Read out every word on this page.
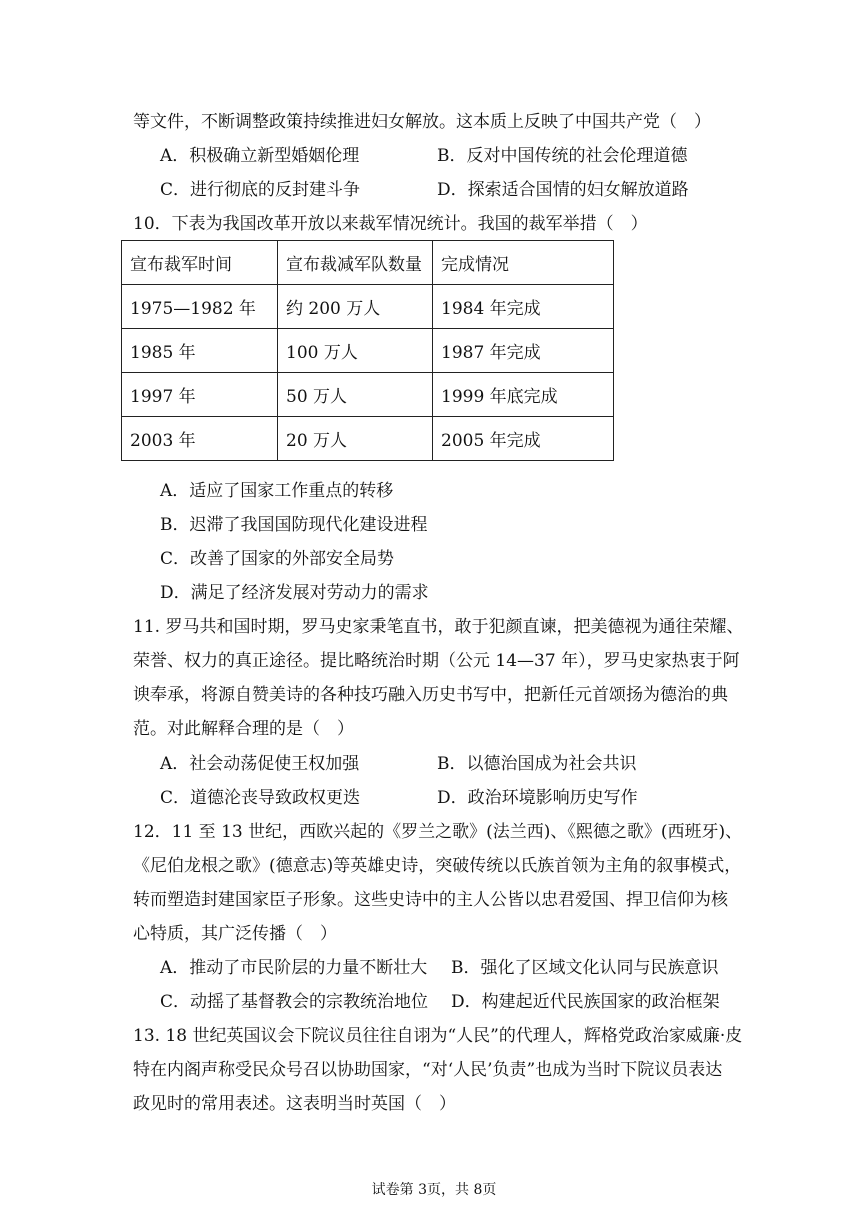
等文件，不断调整政策持续推进妇女解放。这本质上反映了中国共产党（　）
A．积极确立新型婚姻伦理	B．反对中国传统的社会伦理道德
C．进行彻底的反封建斗争	D．探索适合国情的妇女解放道路
10．下表为我国改革开放以来裁军情况统计。我国的裁军举措（　）
宣布裁军时间	宣布裁减军队数量	完成情况
1975—1982 年	约 200 万人	1984 年完成
1985 年	100 万人	1987 年完成
1997 年	50 万人	1999 年底完成
2003 年	20 万人	2005 年完成
A．适应了国家工作重点的转移
B．迟滞了我国国防现代化建设进程
C．改善了国家的外部安全局势
D．满足了经济发展对劳动力的需求
11. 罗马共和国时期，罗马史家秉笔直书，敢于犯颜直谏，把美德视为通往荣耀、
荣誉、权力的真正途径。提比略统治时期（公元 14—37 年），罗马史家热衷于阿
谀奉承，将源自赞美诗的各种技巧融入历史书写中，把新任元首颂扬为德治的典
范。对此解释合理的是（　）
A．社会动荡促使王权加强	B．以德治国成为社会共识
C．道德沦丧导致政权更迭	D．政治环境影响历史写作
12．11 至 13 世纪，西欧兴起的《罗兰之歌》(法兰西)、《熙德之歌》(西班牙)、
《尼伯龙根之歌》(德意志)等英雄史诗，突破传统以氏族首领为主角的叙事模式，
转而塑造封建国家臣子形象。这些史诗中的主人公皆以忠君爱国、捍卫信仰为核
心特质，其广泛传播（　）
A．推动了市民阶层的力量不断壮大 B．强化了区域文化认同与民族意识
C．动摇了基督教会的宗教统治地位 D．构建起近代民族国家的政治框架
13. 18 世纪英国议会下院议员往往自诩为“人民”的代理人，辉格党政治家威廉·皮
特在内阁声称受民众号召以协助国家，“对‘人民’负责”也成为当时下院议员表达
政见时的常用表述。这表明当时英国（　）
试卷第 3页，共 8页
